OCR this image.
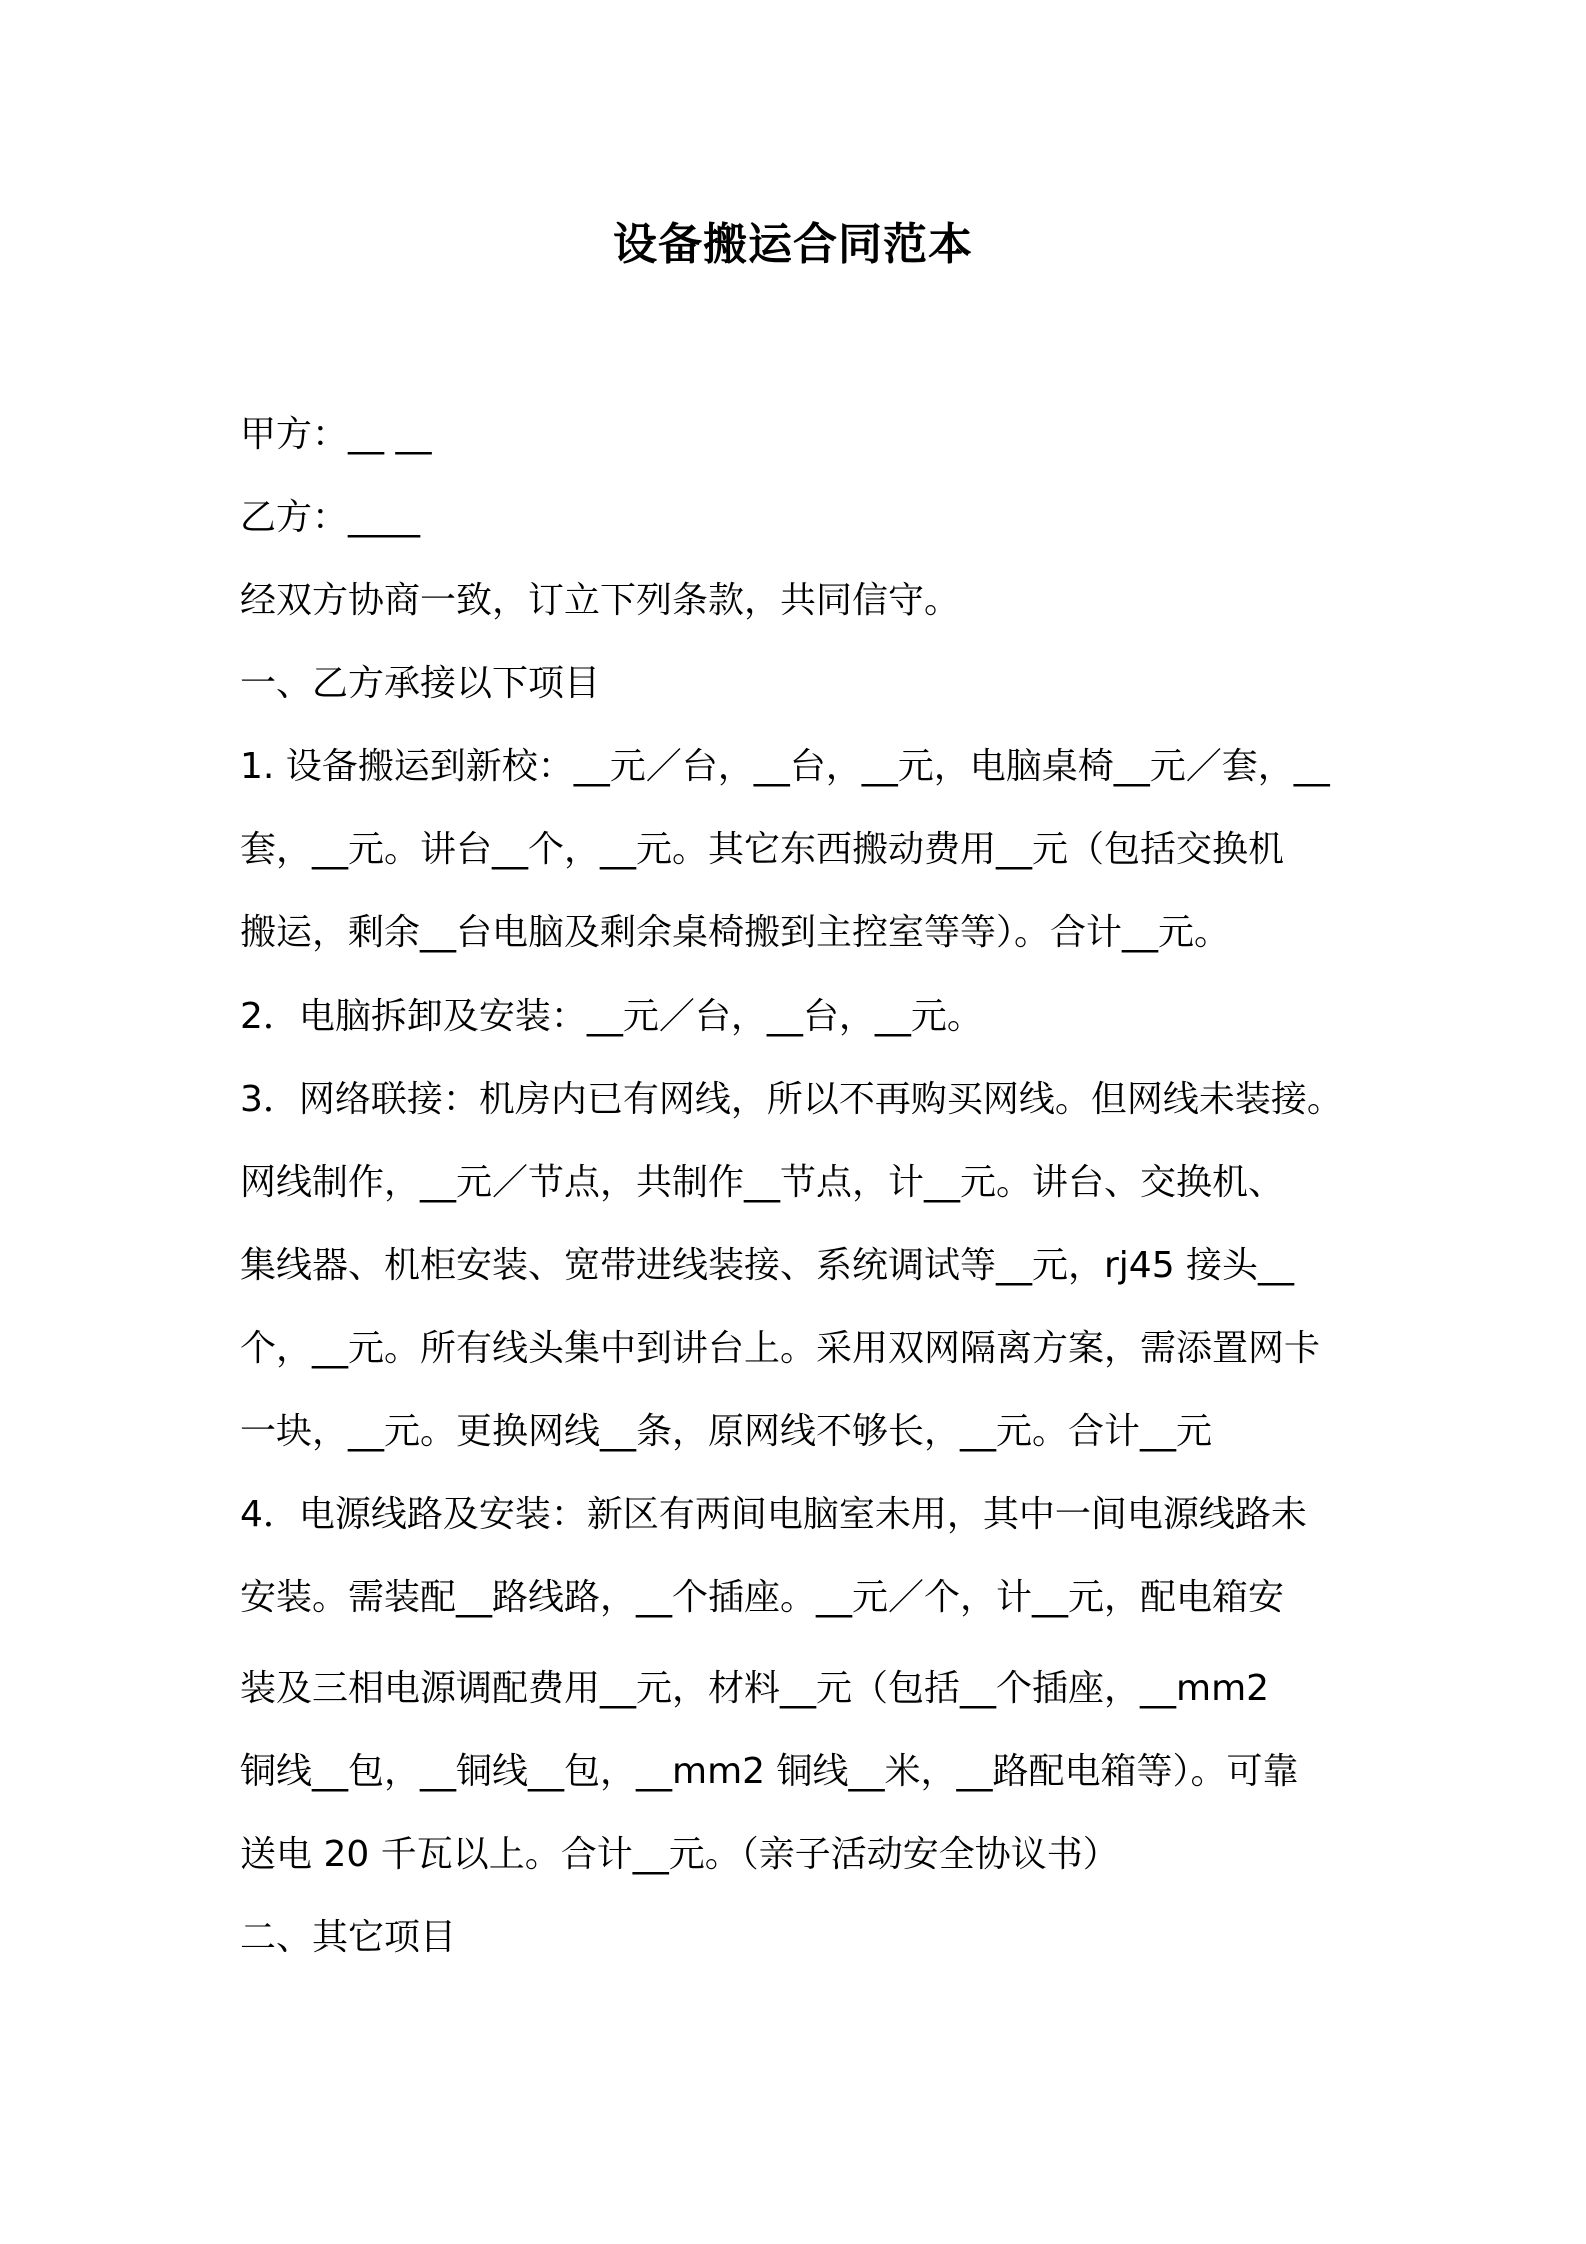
设备搬运合同范本
甲方：__ __
乙方：____
经双方协商一致，订立下列条款，共同信守。
一、乙方承接以下项目
1. 设备搬运到新校：__元／台，__台，__元，电脑桌椅__元／套，__
套，__元。讲台__个，__元。其它东西搬动费用__元（包括交换机
搬运，剩余__台电脑及剩余桌椅搬到主控室等等）。合计__元。
2．电脑拆卸及安装：__元／台，__台，__元。
3．网络联接：机房内已有网线，所以不再购买网线。但网线未装接。
网线制作，__元／节点，共制作__节点，计__元。讲台、交换机、
集线器、机柜安装、宽带进线装接、系统调试等__元，rj45 接头__
个，__元。所有线头集中到讲台上。采用双网隔离方案，需添置网卡
一块，__元。更换网线__条，原网线不够长，__元。合计__元
4．电源线路及安装：新区有两间电脑室未用，其中一间电源线路未
安装。需装配__路线路，__个插座。__元／个，计__元，配电箱安
装及三相电源调配费用__元，材料__元（包括__个插座，__mm2
铜线__包，__铜线__包，__mm2 铜线__米，__路配电箱等）。可靠
送电 20 千瓦以上。合计__元。（亲子活动安全协议书）
二、其它项目
